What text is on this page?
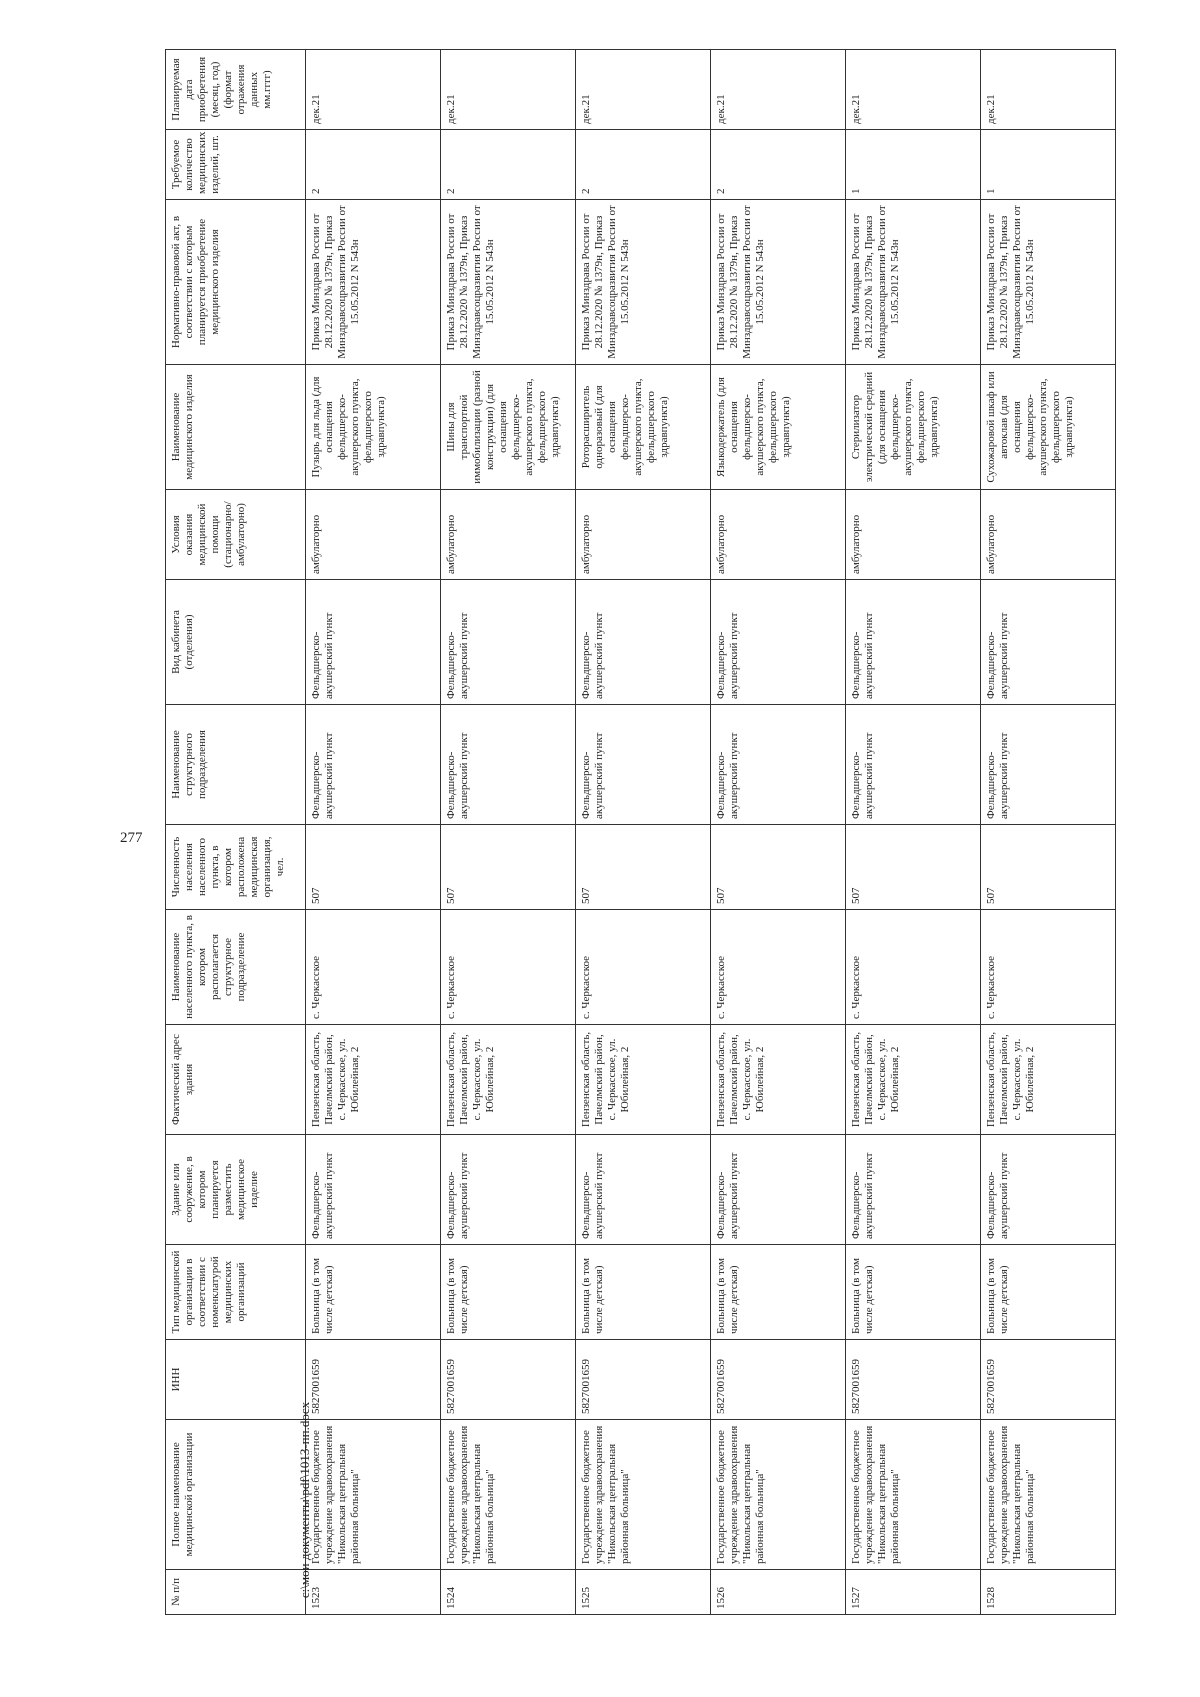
277
№ п/п	Полное наименование медицинской организации	ИНН	Тип медицинской организации в соответствии с номенклатурой медицинских организаций	Здание или сооружение, в котором планируется разместить медицинское изделие	Фактический адрес здания	Наименование населенного пункта, в котором располагается структурное подразделение	Численность населения населенного пункта, в котором расположена медицинская организация, чел.	Наименование структурного подразделения	Вид кабинета (отделения)	Условия оказания медицинской помощи (стационарно/ амбулаторно)	Наименование медицинского изделия	Нормативно-правовой акт, в соответствии с которым планируется приобретение медицинского изделия	Требуемое количество медицинских изделий, шт.	Планируемая дата приобретения (месяц, год) (формат отражения данных мм.гггг)
1523	Государственное бюджетное учреждение здравоохранения "Никольская центральная районная больница"	5827001659	Больница (в том числе детская)	Фельдшерско-акушерский пункт	Пензенская область, Пачелмский район, с. Черкасское, ул. Юбилейная, 2	с. Черкасское	507	Фельдшерско-акушерский пункт	Фельдшерско-акушерский пункт	амбулаторно	Пузырь для льда (для оснащения фельдшерско-акушерского пункта, фельдшерского здравпункта)	Приказ Минздрава России от 28.12.2020 № 1379н, Приказ Минздравсоцразвития России от 15.05.2012 N 543н	2	дек.21
1524	Государственное бюджетное учреждение здравоохранения "Никольская центральная районная больница"	5827001659	Больница (в том числе детская)	Фельдшерско-акушерский пункт	Пензенская область, Пачелмский район, с. Черкасское, ул. Юбилейная, 2	с. Черкасское	507	Фельдшерско-акушерский пункт	Фельдшерско-акушерский пункт	амбулаторно	Шины для транспортной иммобилизации (разной конструкции) (для оснащения фельдшерско-акушерского пункта, фельдшерского здравпункта)	Приказ Минздрава России от 28.12.2020 № 1379н, Приказ Минздравсоцразвития России от 15.05.2012 N 543н	2	дек.21
1525	Государственное бюджетное учреждение здравоохранения "Никольская центральная районная больница"	5827001659	Больница (в том числе детская)	Фельдшерско-акушерский пункт	Пензенская область, Пачелмский район, с. Черкасское, ул. Юбилейная, 2	с. Черкасское	507	Фельдшерско-акушерский пункт	Фельдшерско-акушерский пункт	амбулаторно	Роторасширитель одноразовый (для оснащения фельдшерско-акушерского пункта, фельдшерского здравпункта)	Приказ Минздрава России от 28.12.2020 № 1379н, Приказ Минздравсоцразвития России от 15.05.2012 N 543н	2	дек.21
1526	Государственное бюджетное учреждение здравоохранения "Никольская центральная районная больница"	5827001659	Больница (в том числе детская)	Фельдшерско-акушерский пункт	Пензенская область, Пачелмский район, с. Черкасское, ул. Юбилейная, 2	с. Черкасское	507	Фельдшерско-акушерский пункт	Фельдшерско-акушерский пункт	амбулаторно	Языкодержатель (для оснащения фельдшерско-акушерского пункта, фельдшерского здравпункта)	Приказ Минздрава России от 28.12.2020 № 1379н, Приказ Минздравсоцразвития России от 15.05.2012 N 543н	2	дек.21
1527	Государственное бюджетное учреждение здравоохранения "Никольская центральная районная больница"	5827001659	Больница (в том числе детская)	Фельдшерско-акушерский пункт	Пензенская область, Пачелмский район, с. Черкасское, ул. Юбилейная, 2	с. Черкасское	507	Фельдшерско-акушерский пункт	Фельдшерско-акушерский пункт	амбулаторно	Стерилизатор электрический средний (для оснащения фельдшерско-акушерского пункта, фельдшерского здравпункта)	Приказ Минздрава России от 28.12.2020 № 1379н, Приказ Минздравсоцразвития России от 15.05.2012 N 543н	1	дек.21
1528	Государственное бюджетное учреждение здравоохранения "Никольская центральная районная больница"	5827001659	Больница (в том числе детская)	Фельдшерско-акушерский пункт	Пензенская область, Пачелмский район, с. Черкасское, ул. Юбилейная, 2	с. Черкасское	507	Фельдшерско-акушерский пункт	Фельдшерско-акушерский пункт	амбулаторно	Сухожаровой шкаф или автоклав (для оснащения фельдшерско-акушерского пункта, фельдшерского здравпункта)	Приказ Минздрава России от 28.12.2020 № 1379н, Приказ Минздравсоцразвития России от 15.05.2012 N 543н	1	дек.21
c:\мои документы\pdf\1013-пп.docx
